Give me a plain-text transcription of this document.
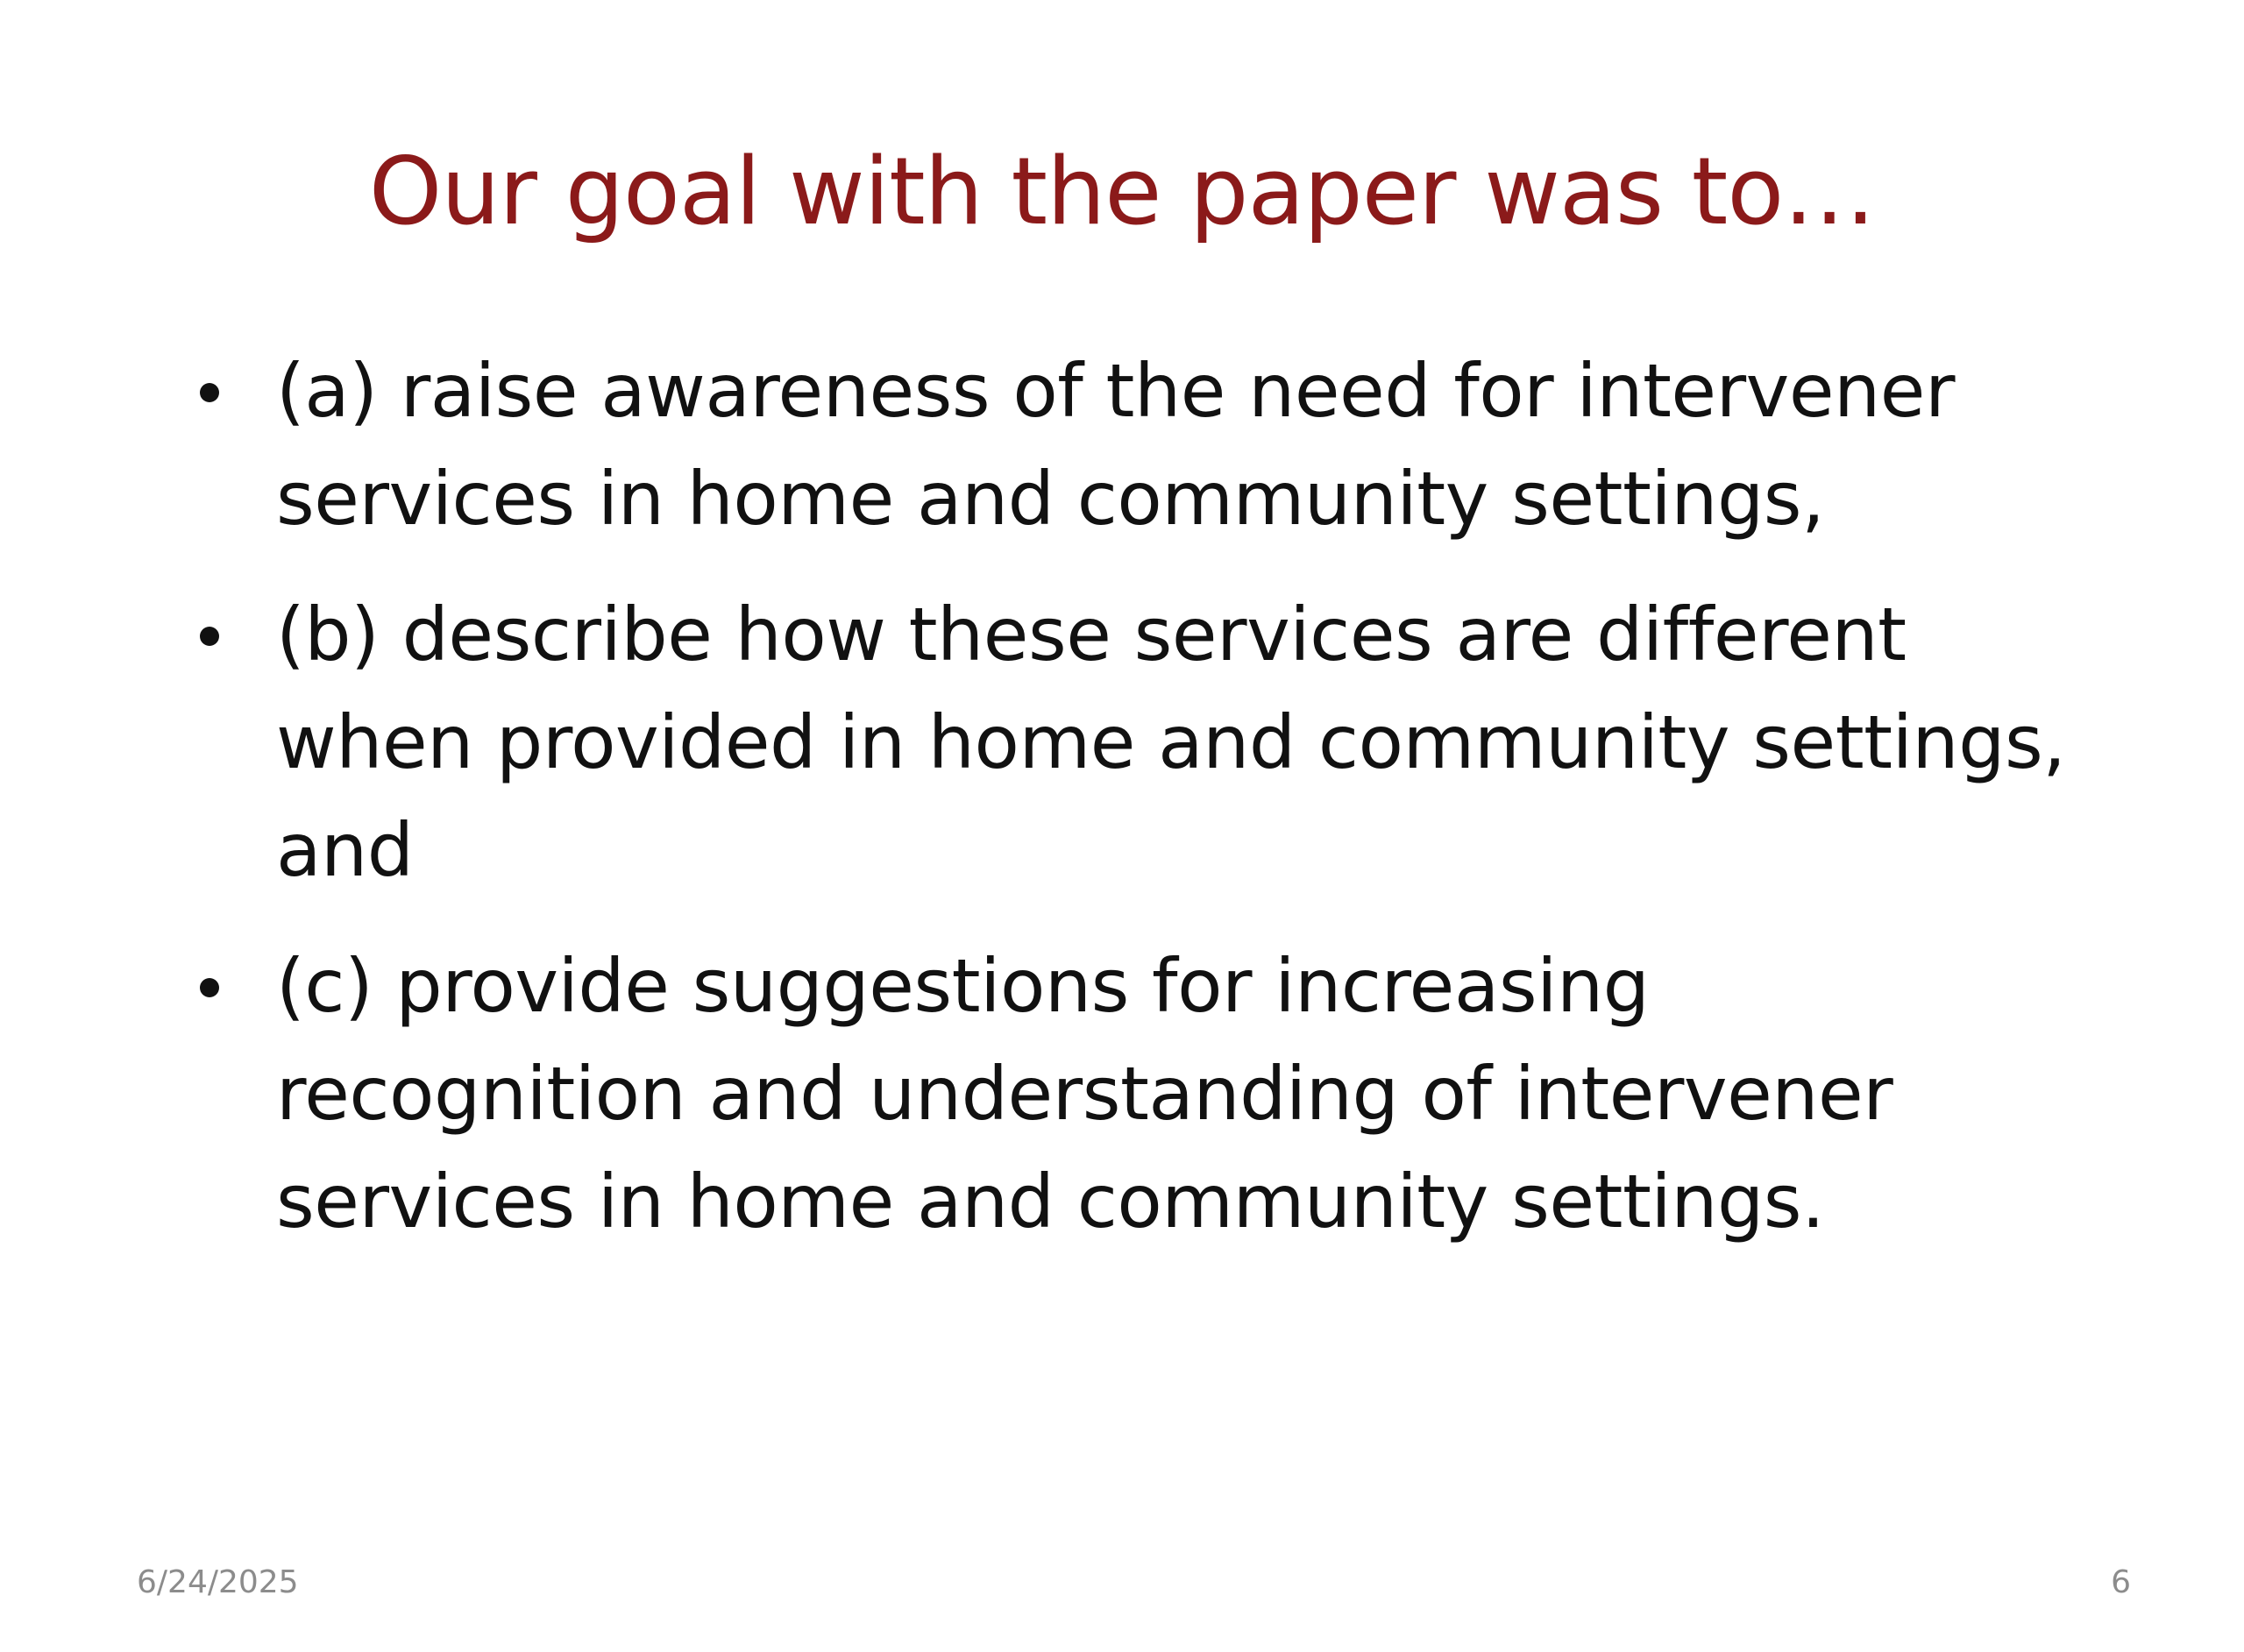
Our goal with the paper was to…
(a) raise awareness of the need for intervener services in home and community settings,
(b) describe how these services are different when provided in home and community settings, and
(c) provide suggestions for increasing recognition and understanding of intervener services in home and community settings.
6/24/2025	6
